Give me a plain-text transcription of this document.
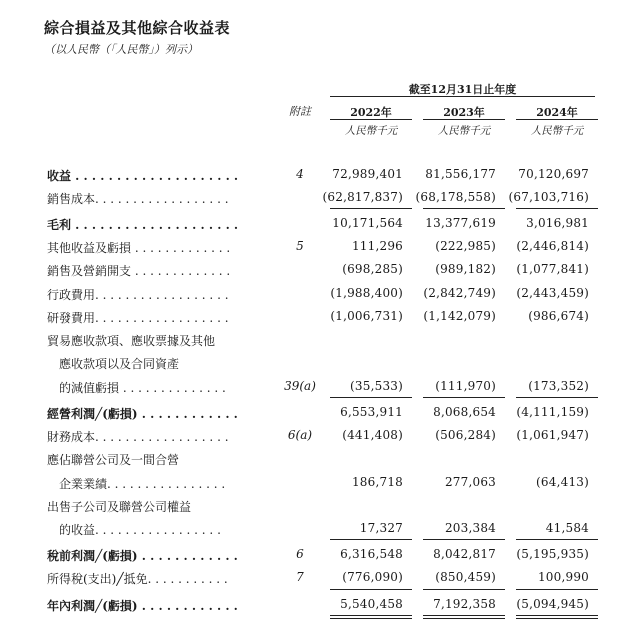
綜合損益及其他綜合收益表
（以人民幣（「人民幣」）列示）
截至12月31日止年度
附註	2022年	2023年	2024年
人民幣千元	人民幣千元	人民幣千元
收益 . . . . . . . . . . . . . . . . . . . .	4	72,989,401	81,556,177	70,120,697
銷售成本. . . . . . . . . . . . . . . . . .	(62,817,837) (68,178,558) (67,103,716)
毛利 . . . . . . . . . . . . . . . . . . . .	10,171,564	13,377,619	3,016,981
其他收益及虧損 . . . . . . . . . . . . .	5	111,296	(222,985)	(2,446,814)
銷售及營銷開支 . . . . . . . . . . . . .	(698,285)	(989,182)	(1,077,841)
行政費用. . . . . . . . . . . . . . . . . .	(1,988,400)	(2,842,749)	(2,443,459)
研發費用. . . . . . . . . . . . . . . . . .	(1,006,731)	(1,142,079)	(986,674)
貿易應收款項、應收票據及其他
　應收款項以及合同資產
　的減值虧損 . . . . . . . . . . . . . .	39(a)	(35,533)	(111,970)	(173,352)
經營利潤╱(虧損) . . . . . . . . . . . .	6,553,911	8,068,654	(4,111,159)
財務成本. . . . . . . . . . . . . . . . . .	6(a)	(441,408)	(506,284)	(1,061,947)
應佔聯營公司及一間合營
　企業業績. . . . . . . . . . . . . . . .	186,718	277,063	(64,413)
出售子公司及聯營公司權益
　的收益. . . . . . . . . . . . . . . . .	17,327	203,384	41,584
稅前利潤╱(虧損) . . . . . . . . . . . .	6	6,316,548	8,042,817	(5,195,935)
所得稅(支出)╱抵免. . . . . . . . . . .	7	(776,090)	(850,459)	100,990
年內利潤╱(虧損) . . . . . . . . . . . .	5,540,458	7,192,358	(5,094,945)
